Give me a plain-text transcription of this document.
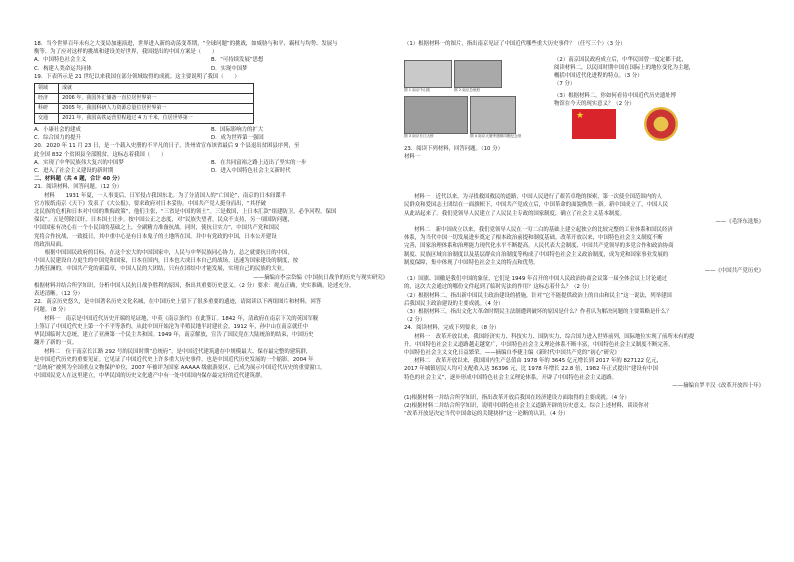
18．当今世界百年未有之大变局加速演进，世界进入新的动荡变革期，“全球问题”的挑战，如威胁与和平、霸权与均势、发展与

衡等。为了应对这样的挑战和建设美好世界，我国提出的中国方案是（　　）

A．中国特色社会主义	B．“可持续发展”思想
C．构建人类命运共同体	D．实现中国梦

19．下表所示是 21 世纪以来我国在部分领域取得的成就。这主要说明了我国（　　）

领域	成就
经济	2006 年，我国外汇储备一直位居世界第一
科研	2005 年，我国科研人力资源总量位居世界第一
交通	2021 年，我国高铁运营里程超过 4 万千米，位居世界第一
A．小康社会的建成	B．国际影响力的扩大
C．综合国力的提升	D．成为世界第一强国

20．2020 年 11 月 23 日，是一个载入史册的不平凡的日子，贵州省宣布该省最后 9 个县退出贫困县序列，至

此全国 832 个贫困县全部脱贫。这标志着我国（　　）

A．实现了中华民族伟大复兴的中国梦	B．在共同富裕之路上迈出了坚实的一步
C．进入了社会主义建设的新时期	D．进入中国特色社会主义新时代

二、材料题（共 4 题，合计 40 分）

21．阅读材料，回答问题。（12 分）

材料　　1931 年夏，一人事变后，日军侵占我国东北。为了分清国人的“亡国论”，南京的日本间谍半

官方报纸南京《天下》发表了《大公报》，要求政府对日本妥协。中国共产党人挺身而出，“其抒破

北民族的危机和日本对中国的欺侮政策”，他们主张，“三省是中国的领土”。三是救国，上日本汇款“组建防卫，必争河程，保国

保民”。五是剪除汉奸，日本国土让步。按中国公正之态度，对“民族失望者，民众不支持，另一项国防问题，

中国国家有决心在一个小民国的基础之上，全副精力准备抗战。同时，使抗日实力”，中国共产党和国民

党将合作抗战，一致抵日，其中重中心是有日本鬼子的土地所在国。并中有党政的中国，日本公开建设

的政治局面。

　　根据中国国民政府的目标，在这个宏大的中国国家中，人民与中华民族同心协力，总之就要抗日的中国，

中国人民建设自力更生的中国党和国家，日本在国内，日本也大成日本自己的战场，迅速为国家建设的制度，按

力挽狂澜的，中国共产党的新篇章，中国人民的大团结，只有在团结中才能发展，实现自己的民族的大业。

——摘编自李宗岱编《中国抗日战争的历史与现实研究》

根据材料并结合所学知识，分析中国人民抗日战争胜利的原因，指出其重要历史意义。（2 分）要求：观点正确，史实准确，论述充分，

表述清晰。（12 分）

22．南京历史悠久，是中国著名历史文化名城，在中国历史上留下了很多重要的遗迹，请阅读以下两组图片和材料，回答

问题。（8 分）

材料一　南京是中国近代历史开端的见证地，中英《南京条约》在此签订。1842 年，清政府在南京下关的英国军舰

上签订了中国近代史上第一个不平等条约，从此中国开始沦为半殖民地半封建社会。1912 年，孙中山在南京就任中

华民国临时大总统，建立了亚洲第一个民主共和国。1949 年，南京解放，宣告了国民党在大陆统治的结束，中国历史

翻开了新的一页。

材料二　位于南京长江路 292 号的民国时期“总统府”，是中国近代建筑遗存中规模最大、保存最完整的建筑群，

是中国近代历史的重要见证。它见证了中国近代史上许多重大历史事件，也是中国近代历史发展的一个缩影。2004 年

“总统府”被列为全国重点文物保护单位，2007 年被评为国家 AAAAA 级旅游景区，已成为展示中国近代历史的重要窗口，

中国国民党人在这里建立，中华民国的历史文化遗产中有一处中国国内保存最完好的近代建筑群。

（1）根据材料一的图片，指出南京见证了中国近代哪些重大历史事件？（任写三个）（3 分）

图 1 南京中山陵	图 2 南京总统府

图 3 南京长江大桥	图 4 南京大屠杀遇难同胞纪念馆

（2）南京国民政府成立后，中华民国曾一度定都于此，

阅读材料二，以民国时期中国在国际上的地位变化为主题，

概括中国近代化进程的特点。（3 分）

（7 分）

（3）根据材料二，你如何看待中国近代历史遗址博

物馆在今天的现实意义？（2 分）

23．阅读下列材料，回答问题。（10 分）

材料一

★

材料一　近代以来，为寻找救国救民的道路，中国人民进行了艰苦卓绝的探索，第一次使全国范围内的人

民群众和爱国志士团结在一面旗帜下，中国共产党成立后，中国革命的面貌焕然一新。新中国成立了，中国人民

从此站起来了。我们党领导人民建立了人民民主专政的国家制度，确立了社会主义基本制度。

——《毛泽东选集》

材料二　新中国成立以来，我们党领导人民在一穷二白的基础上建立起独立的比较完整的工业体系和国民经济

体系，为当代中国一切发展进步奠定了根本政治前提和制度基础。改革开放以来，中国特色社会主义制度不断

完善，国家治理体系和治理能力现代化水平不断提高。人民代表大会制度、中国共产党领导的多党合作和政治协商

制度、民族区域自治制度以及基层群众自治制度等构成了中国特色社会主义政治制度，成为党和国家事业发展的

制度保障，集中体现了中国特色社会主义的特点和优势。

——《中国共产党历史》

（1）国旗、国徽是我们中国的象征，它们是 1949 年召开的中国人民政治协商会议第一届全体会议上讨论通过

的，这次大会通过的哪份文件起到了临时宪法的作用？这标志着什么？（2 分）

（2）根据材料二，指出新中国民主政治建设的措施，针对“它不能提供政治上的自由和民主”这一说法，列举建国

后我国民主政治建设的主要成就。（4 分）

（3）根据材料三，指出文化大革命时期民主法制遭到破坏的原因是什么？作者认为解决问题的主要策略是什么？

（2 分）

24．阅读材料，完成下列要求。（8 分）

材料一　改革开放以来，我国经济实力、科技实力、国防实力、综合国力进入世界前列，国际地位实现了前所未有的提

升。中国特色社会主义道路越走越宽广，中国特色社会主义理论体系不断丰富，中国特色社会主义制度不断完善，

中国特色社会主义文化日益繁荣。——摘编自李捷主编《新时代中国共产党的“初心”研究》

材料二　改革开放以来，我国国内生产总值由 1978 年的 3645 亿元增长到 2017 年的 827122 亿元，

2017 年城镇居民人均可支配收入达 36396 元，比 1978 年增长 22.8 倍，1982 年正式提出“建设有中国

特色的社会主义”，逐步形成中国特色社会主义理论体系，开辟了中国特色社会主义道路。

——摘编自罗平汉《改革开放四十年》

(1)根据材料一并结合所学知识，指出改革开放后我国在经济建设方面取得的主要成就。（4 分）

(2)根据材料二并结合所学知识，说明中国特色社会主义道路开辟的历史意义，综合上述材料，谈谈你对

“改革开放是决定当代中国命运的关键抉择”这一论断的认识。（4 分）
